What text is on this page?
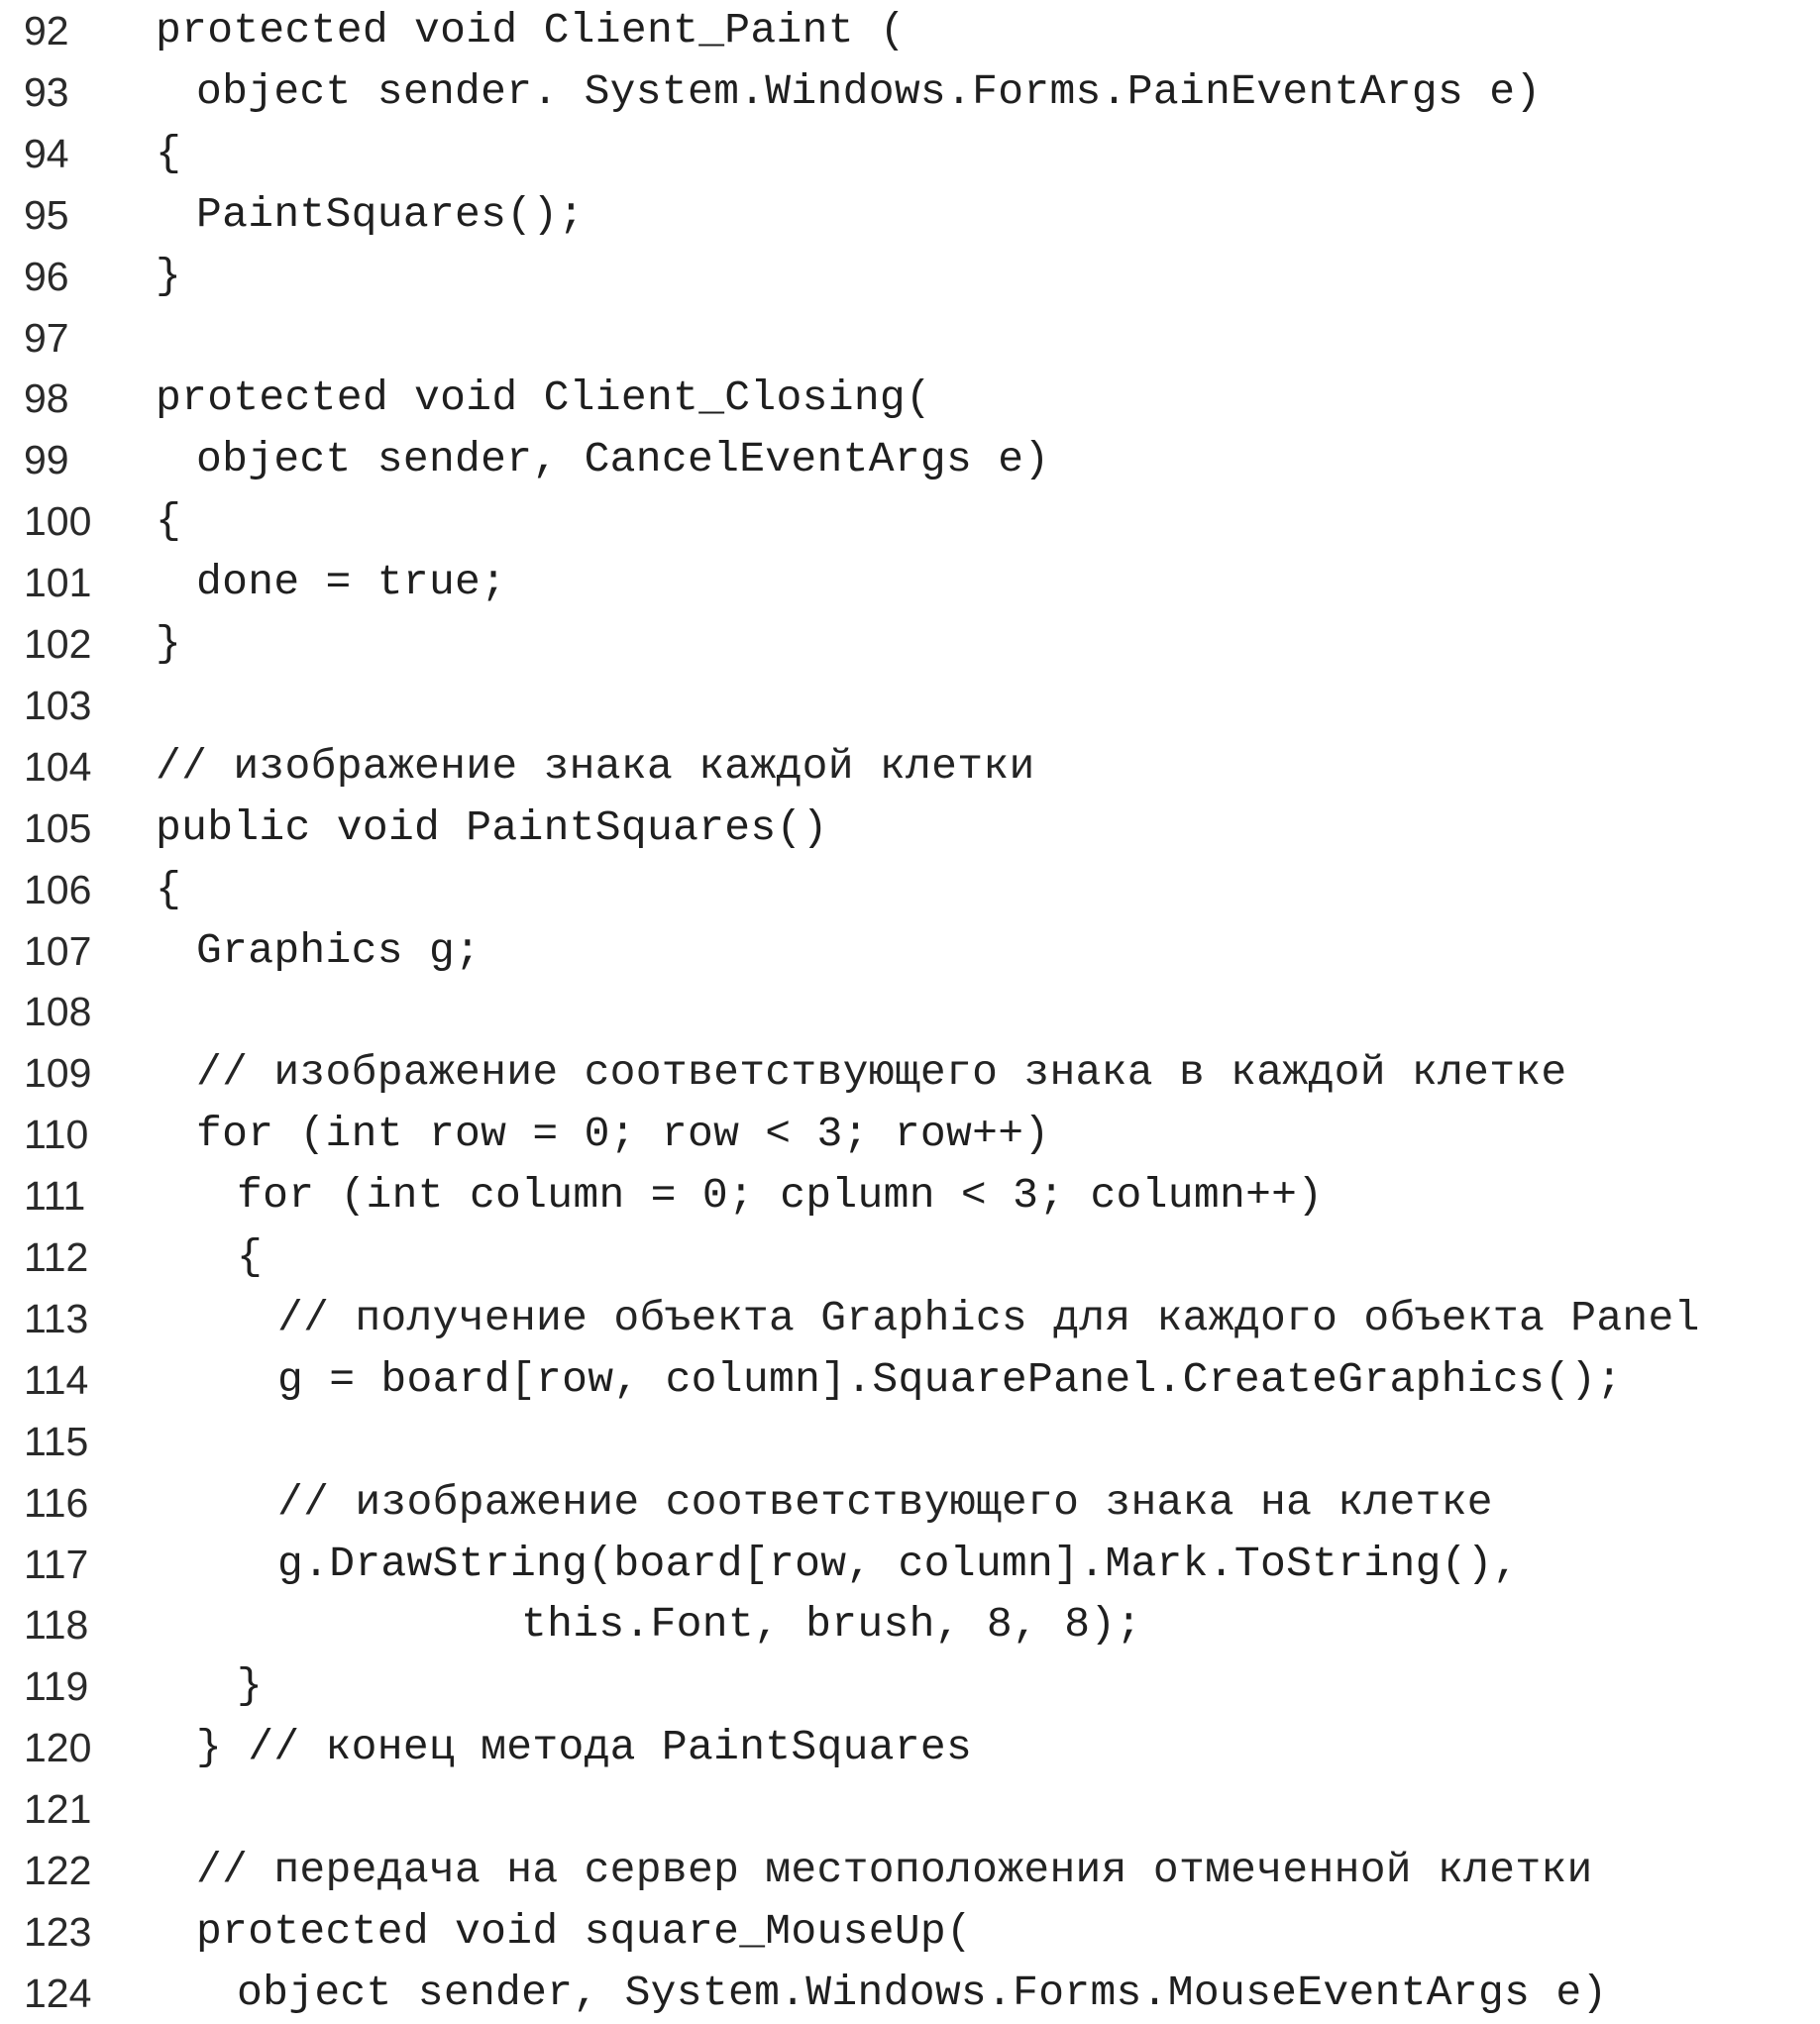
92 protected void Client_Paint (
93	object sender. System.Windows.Forms.PainEventArgs e)
94 {
95	PaintSquares();
96 }
97
98 protected void Client_Closing(
99	object sender, CancelEventArgs e)
100 {
101 done = true;
102 }
103
104 // изображение знака каждой клетки
105 public void PaintSquares()
106 {
107 Graphics g;
108
109 // изображение соответствующего знака в каждой клетке
110	for (int row = 0; row < 3; row++)
111	for (int column = 0; cplumn < 3; column++)
112	{
113	// получение объекта Graphics для каждого объекта Panel
114	g = board[row, column].SquarePanel.CreateGraphics();
115
116	// изображение соответствующего знака на клетке
117	g.DrawString(board[row, column].Mark.ToString(),
118	this.Font, brush, 8, 8);
119	}
120 } // конец метода PaintSquares
121
122 // передача на сервер местоположения отмеченной клетки
123 protected void square_MouseUp(
124	object sender, System.Windows.Forms.MouseEventArgs e)
